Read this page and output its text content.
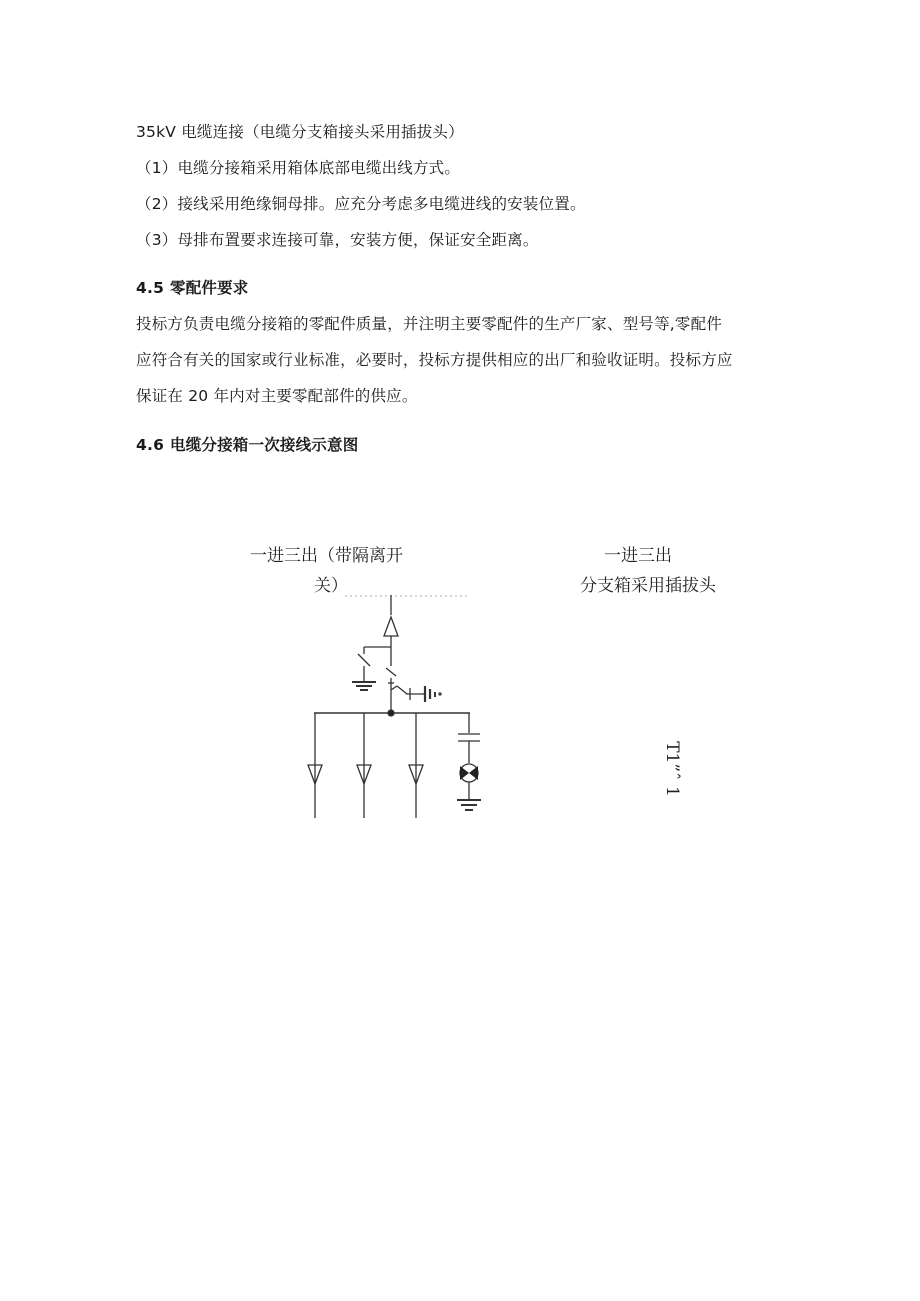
35kV 电缆连接（电缆分支箱接头采用插拔头）
（1）电缆分接箱采用箱体底部电缆出线方式。
（2）接线采用绝缘铜母排。应充分考虑多电缆进线的安装位置。
（3）母排布置要求连接可靠，安装方便，保证安全距离。
4.5 零配件要求
投标方负责电缆分接箱的零配件质量，并注明主要零配件的生产厂家、型号等,零配件
应符合有关的国家或行业标准，必要时，投标方提供相应的出厂和验收证明。投标方应
保证在 20 年内对主要零配部件的供应。
4.6 电缆分接箱一次接线示意图
一进三出（带隔离开
关）
一进三出
分支箱采用插拔头
T1”ˆ 1
